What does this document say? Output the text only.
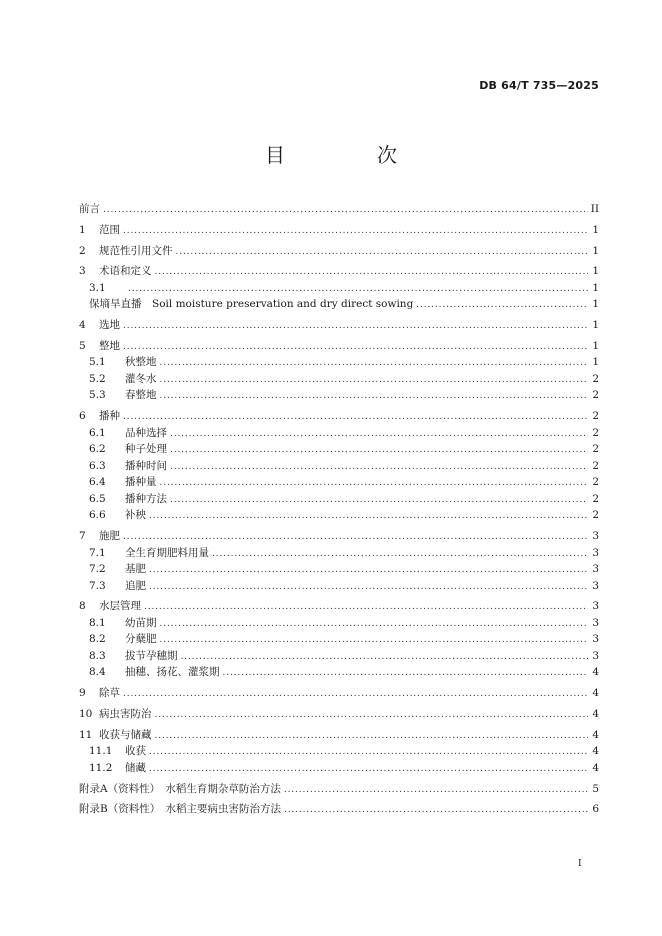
DB 64/T 735—2025
目　次
前言 . . .	II
1	范围 . . .	1
2	规范性引用文件 . . .	1
3	术语和定义 . . .	1
3.1 . . .	1
保墒旱直播　Soil moisture preservation and dry direct sowing . . .	1
4	选地 . . .	1
5	整地 . . .	1
5.1	秋整地 . . .	1
5.2	灌冬水 . . .	2
5.3	春整地 . . .	2
6	播种 . . .	2
6.1	品种选择 . . .	2
6.2	种子处理 . . .	2
6.3	播种时间 . . .	2
6.4	播种量 . . .	2
6.5	播种方法 . . .	2
6.6	补秧 . . .	2
7	施肥 . . .	3
7.1	全生育期肥料用量 . . .	3
7.2	基肥 . . .	3
7.3	追肥 . . .	3
8	水层管理 . . .	3
8.1	幼苗期 . . .	3
8.2	分蘖肥 . . .	3
8.3	拔节孕穗期 . . .	3
8.4	抽穗、扬花、灌浆期 . . .	4
9	除草 . . .	4
10 病虫害防治 . . .	4
11 收获与储藏 . . .	4
11.1 收获 . . .	4
11.2 储藏 . . .	4
附录A（资料性）　水稻生育期杂草防治方法 . . .	5
附录B（资料性）　水稻主要病虫害防治方法 . . .	6
I
